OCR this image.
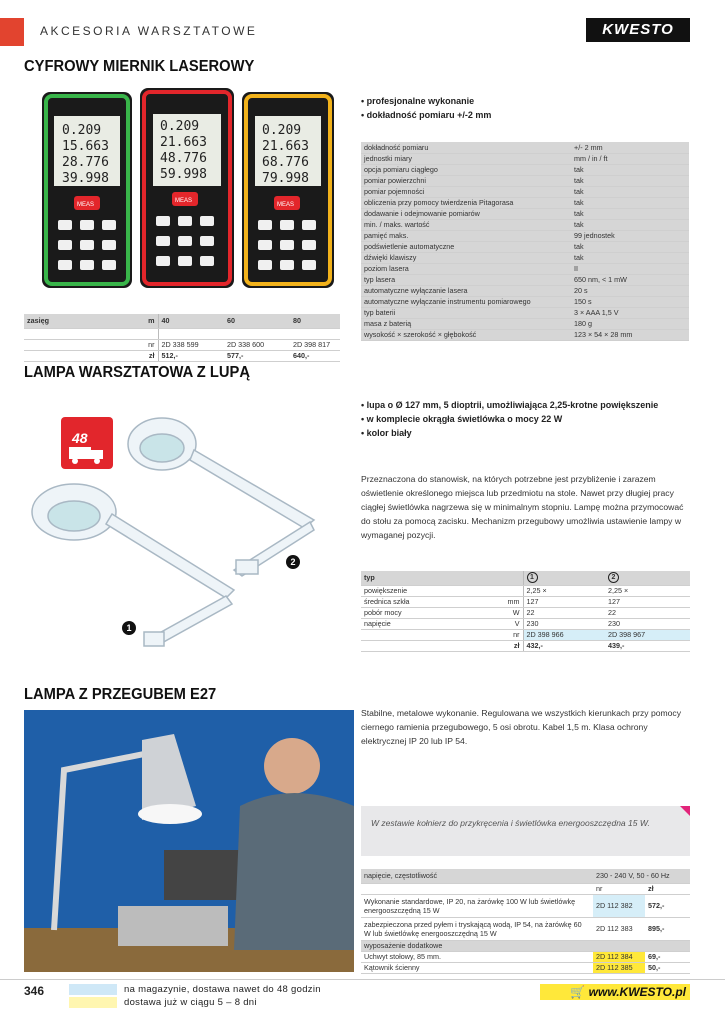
AKCESORIA WARSZTATOWE	KWESTO
CYFROWY MIERNIK LASEROWY
0.209
15.663
28.776
39.998
MEAS
0.209
21.663
48.776
59.998
MEAS
0.209
21.663
68.776
79.998
MEAS
• profesjonalne wykonanie
• dokładność pomiaru +/-2 mm
dokładność pomiaru	+/- 2 mm
jednostki miary	mm / in / ft
opcja pomiaru ciągłego	tak
pomiar powierzchni	tak
pomiar pojemności	tak
obliczenia przy pomocy twierdzenia Pitagorasa	tak
dodawanie i odejmowanie pomiarów	tak
min. / maks. wartość	tak
pamięć maks.	99 jednostek
podświetlenie automatyczne	tak
dźwięki klawiszy	tak
poziom lasera	II
typ lasera	650 nm, < 1 mW
automatyczne wyłączanie lasera	20 s
automatyczne wyłączanie instrumentu pomiarowego	150 s
typ baterii	3 × AAA 1,5 V
masa z baterią	180 g
wysokość × szerokość × głębokość	123 × 54 × 28 mm
zasięg	m	40	60	80

	nr	2D 338 599	2D 338 600	2D 398 817
	zł	512,-	577,-	640,-
LAMPA WARSZTATOWA Z LUPĄ
48
2
1
• lupa o Ø 127 mm, 5 dioptrii, umożliwiająca 2,25-krotne powiększenie
• w komplecie okrągła świetlówka o mocy 22 W
• kolor biały
Przeznaczona do stanowisk, na których potrzebne jest przybliżenie i zarazem oświetlenie określonego miejsca lub przedmiotu na stole. Nawet przy długiej pracy ciągłej świetlówka nagrzewa się w minimalnym stopniu. Lampę można przymocować do stołu za pomocą zacisku. Mechanizm przegubowy umożliwia ustawienie lampy w wymaganej pozycji.
typ		1	2
powiększenie		2,25 ×	2,25 ×
średnica szkła	mm	127	127
pobór mocy	W	22	22
napięcie	V	230	230
	nr	2D 398 966	2D 398 967
	zł	432,-	439,-
LAMPA Z PRZEGUBEM E27
Stabilne, metalowe wykonanie. Regulowana we wszystkich kierunkach przy pomocy ciernego ramienia przegubowego, 5 osi obrotu. Kabel 1,5 m. Klasa ochrony elektrycznej IP 20 lub IP 54.
W zestawie kołnierz do przykręcenia i świetlówka energooszczędna 15 W.
napięcie, częstotliwość	230 - 240 V, 50 - 60 Hz	
	nr	zł
Wykonanie standardowe, IP 20, na żarówkę 100 W lub świetlówkę energooszczędną 15 W	2D 112 382	572,-
zabezpieczona przed pyłem i tryskającą wodą, IP 54, na żarówkę 60 W lub świetlówkę energooszczędną 15 W	2D 112 383	895,-
wyposażenie dodatkowe		
Uchwyt stołowy, 85 mm.	2D 112 384	69,-
Kątownik ścienny	2D 112 385	50,-
346	na magazynie, dostawa nawet do 48 godzin
dostawa już w ciągu 5 – 8 dni
🛒 www.KWESTO.pl
